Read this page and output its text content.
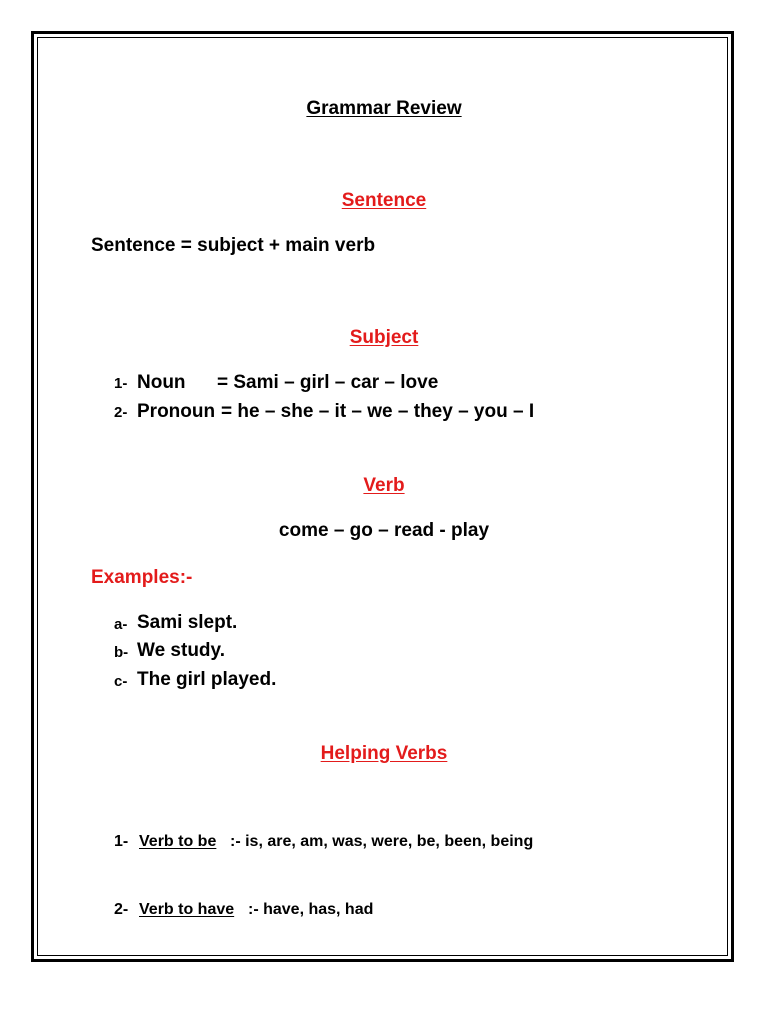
Grammar Review
Sentence
Sentence = subject + main verb
Subject
1- Noun = Sami – girl – car – love
2- Pronoun = he – she – it – we – they – you – I
Verb
come – go – read - play
Examples:-
a- Sami slept.
b- We study.
c- The girl played.
Helping Verbs
1- Verb to be :- is, are, am, was, were, be, been, being
2- Verb to have :- have, has, had
